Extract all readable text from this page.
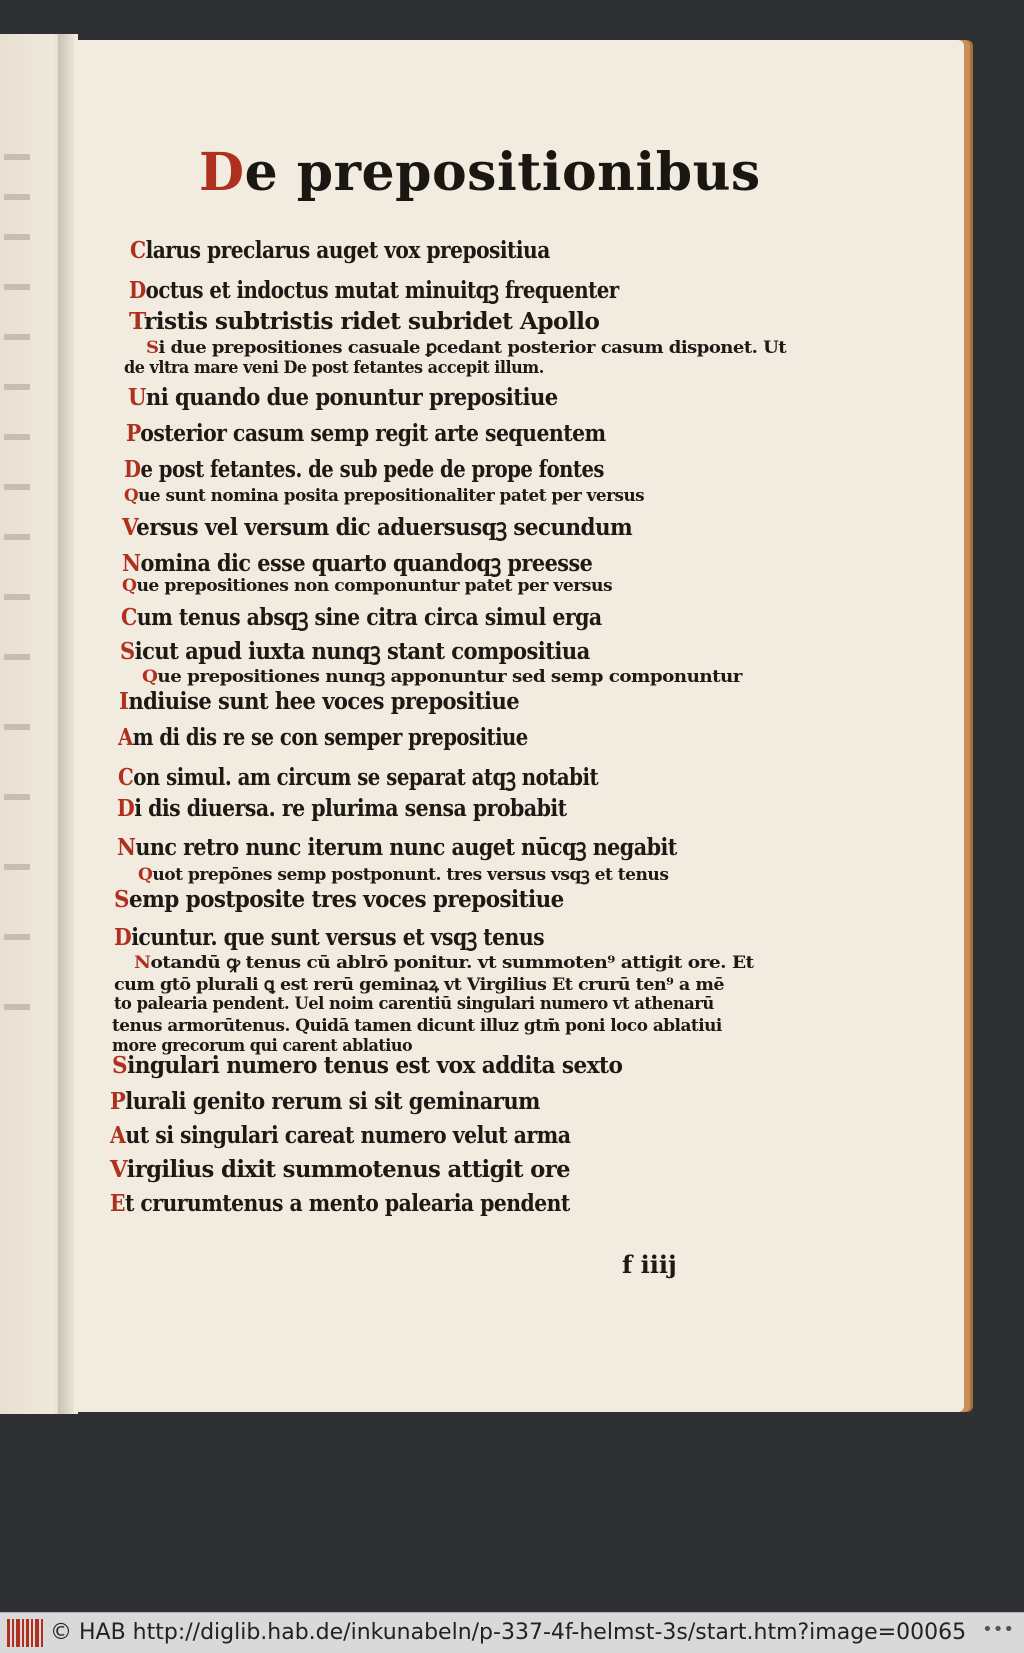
De prepositionibus
Clarus preclarus auget vox prepositiua
Doctus et indoctus mutat minuitqꝫ frequenter
Tristis subtristis ridet subridet Apollo
Si due prepositiones casuale ꝑcedant posterior casum disponet. Ut
de vltra mare veni De post fetantes accepit illum.
Uni quando due ponuntur prepositiue
Posterior casum semp regit arte sequentem
De post fetantes. de sub pede de prope fontes
Que sunt nomina posita prepositionaliter patet per versus
Versus vel versum dic aduersusqꝫ secundum
Nomina dic esse quarto quandoqꝫ preesse
Que prepositiones non componuntur patet per versus
Cum tenus absqꝫ sine citra circa simul erga
Sicut apud iuxta nunqꝫ stant compositiua
Que prepositiones nunqꝫ apponuntur sed semp componuntur
Indiuise sunt hee voces prepositiue
Am di dis re se con semper prepositiue
Con simul. am circum se separat atqꝫ notabit
Di dis diuersa. re plurima sensa probabit
Nunc retro nunc iterum nunc auget nūcqꝫ negabit
Quot prepōnes semp postponunt. tres versus vsqꝫ et tenus
Semp postposite tres voces prepositiue
Dicuntur. que sunt versus et vsqꝫ tenus
Notandū ꝙ tenus cū ablrō ponitur. vt summoten⁹ attigit ore. Et
cum gtō plurali ꝗ est rerū geminaꝝ vt Virgilius Et crurū ten⁹ a mē
to palearia pendent. Uel noim carentiū singulari numero vt athenarū
tenus armorūtenus. Quidā tamen dicunt illuz gtm̄ poni loco ablatiui
more grecorum qui carent ablatiuo
Singulari numero tenus est vox addita sexto
Plurali genito rerum si sit geminarum
Aut si singulari careat numero velut arma
Virgilius dixit summotenus attigit ore
Et crurumtenus a mento palearia pendent
f iiij
© HAB http://diglib.hab.de/inkunabeln/p-337-4f-helmst-3s/start.htm?image=00065 •••
